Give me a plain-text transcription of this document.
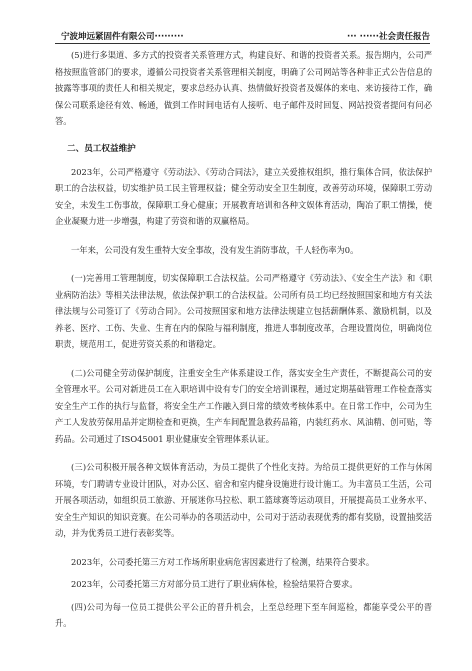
宁波坤远紧固件有限公司·········	··· ······社会责任报告

(5)进行多渠道、多方式的投资者关系管理方式，构建良好、和谐的投资者关系。报告期内，公司严格按照监管部门的要求，遵循公司投资者关系管理相关制度，明确了公司网站等各种非正式公告信息的披露等事项的责任人和相关规定，要求总经办认真、热情做好投资者及媒体的来电、来访接待工作，确保公司联系途径有效、畅通，做到工作时间电话有人接听、电子邮件及时回复、网站投资者提问有问必答。

二、员工权益维护

2023年，公司严格遵守《劳动法》、《劳动合同法》，建立关爱推权组织，推行集体合同，依法保护职工的合法权益，切实维护员工民主管理权益；健全劳动安全卫生制度，改善劳动环境，保障职工劳动安全，未发生工伤事故，保障职工身心健康；开展教育培训和各种文娱体育活动，陶冶了职工情操，使企业凝聚力进一步增强，构建了劳资和谐的双赢格局。

一年来，公司没有发生重特大安全事故，没有发生消防事故，千人轻伤率为0。

(一)完善用工管理制度，切实保障职工合法权益。公司严格遵守《劳动法》、《安全生产法》和《职业病防治法》等相关法律法规，依法保护职工的合法权益。公司所有员工均已经按照国家和地方有关法律法规与公司签订了《劳动合同》。公司按照国家和地方法律法规建立包括薪酬体系、激励机制，以及养老、医疗、工伤、失业、生育在内的保险与福利制度，推进人事制度改革，合理设置岗位，明确岗位职责，规范用工，促进劳资关系的和谐稳定。

(二)公司健全劳动保护制度，注重安全生产体系建设工作，落实安全生产责任，不断提高公司的安全管理水平。公司对新进员工在入职培训中设有专门的安全培训课程，通过定期基础管理工作检查落实安全生产工作的执行与监督，将安全生产工作融入到日常的绩效考核体系中。在日常工作中，公司为生产工人发放劳保用品并定期检查和更换，生产车间配置急救药品箱，内装红药水、风油精、创可贴，等药品。公司通过了ISO45001 职业健康安全管理体系认证。

(三)公司积极开展各种文娱体育活动，为员工提供了个性化支持。为给员工提供更好的工作与休闲环境，专门聘请专业设计团队，对办公区、宿舍和室内健身设施进行设计施工。为丰富员工生活，公司开展各项活动，如组织员工旅游、开展迷你马拉松、职工篮球赛等运动项目，开展提高员工业务水平、安全生产知识的知识竞赛。在公司举办的各项活动中，公司对于活动表现优秀的都有奖励，设置抽奖活动，并为优秀员工进行表彰奖等。

2023年，公司委托第三方对工作场所职业病危害因素进行了检测，结果符合要求。

2023年，公司委托第三方对部分员工进行了职业病体检，检验结果符合要求。

(四)公司为每一位员工提供公平公正的晋升机会，上至总经理下至车间巡检，都能享受公平的晋升。
